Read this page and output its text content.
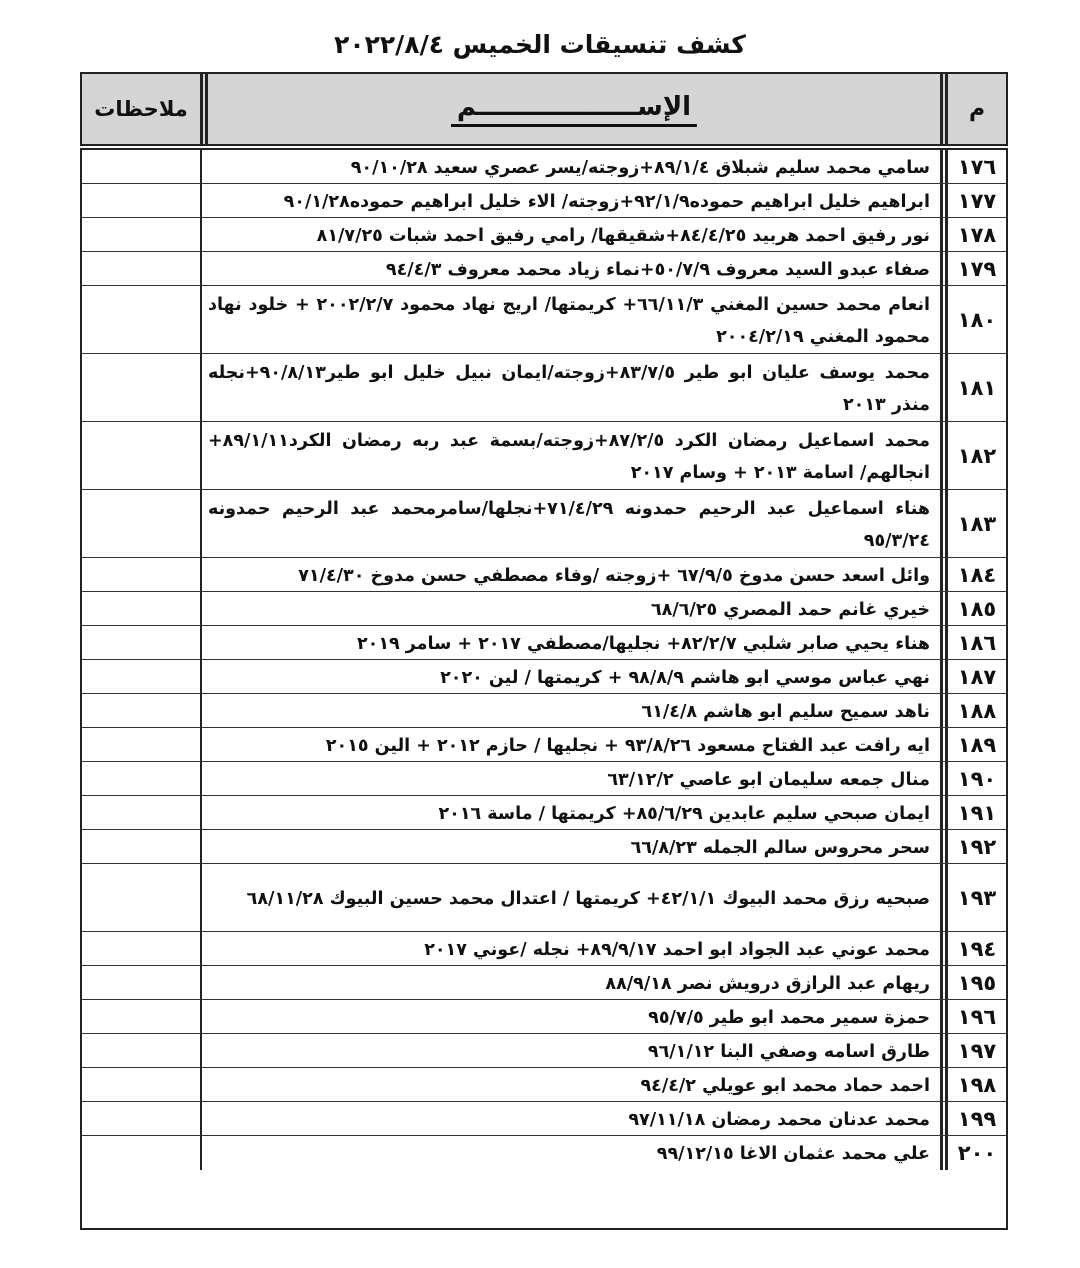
كشف تنسيقات الخميس ٢٠٢٢/٨/٤
م
الإســــــــــــــــــم
ملاحظات
١٧٦
سامي محمد سليم شبلاق ٨٩/١/٤+زوجته/يسر عصري سعيد ٩٠/١٠/٢٨
١٧٧
ابراهيم خليل ابراهيم حموده٩٢/١/٩+زوجته/ الاء خليل ابراهيم حموده٩٠/١/٢٨
١٧٨
نور رفيق احمد هربيد ٨٤/٤/٢٥+شقيقها/ رامي رفيق احمد شبات ٨١/٧/٢٥
١٧٩
صفاء عبدو السيد معروف ٥٠/٧/٩+نماء زياد محمد معروف ٩٤/٤/٣
١٨٠
انعام محمد حسين المغني ٦٦/١١/٣+ كريمتها/ اريج نهاد محمود ٢٠٠٢/٢/٧ + خلود نهاد محمود المغني ٢٠٠٤/٢/١٩
١٨١
محمد يوسف عليان ابو طير ٨٣/٧/٥+زوجته/ايمان نبيل خليل ابو طير٩٠/٨/١٣+نجله منذر ٢٠١٣
١٨٢
محمد اسماعيل رمضان الكرد ٨٧/٢/٥+زوجته/بسمة عبد ربه رمضان الكرد٨٩/١/١١+ انجالهم/ اسامة ٢٠١٣ + وسام ٢٠١٧
١٨٣
هناء اسماعيل عبد الرحيم حمدونه ٧١/٤/٢٩+نجلها/سامرمحمد عبد الرحيم حمدونه ٩٥/٣/٢٤
١٨٤
وائل اسعد حسن مدوخ ٦٧/٩/٥ +زوجته /وفاء مصطفي حسن مدوخ ٧١/٤/٣٠
١٨٥
خيري غانم حمد المصري ٦٨/٦/٢٥
١٨٦
هناء يحيي صابر شلبي ٨٢/٢/٧+ نجليها/مصطفي ٢٠١٧ + سامر ٢٠١٩
١٨٧
نهي عباس موسي ابو هاشم ٩٨/٨/٩ + كريمتها / لين ٢٠٢٠
١٨٨
ناهد سميح سليم ابو هاشم ٦١/٤/٨
١٨٩
ايه رافت عبد الفتاح مسعود ٩٣/٨/٢٦ + نجليها / حازم ٢٠١٢ + الين ٢٠١٥
١٩٠
منال جمعه سليمان ابو عاصي ٦٣/١٢/٢
١٩١
ايمان صبحي سليم عابدين ٨٥/٦/٢٩+ كريمتها / ماسة ٢٠١٦
١٩٢
سحر محروس سالم الجمله ٦٦/٨/٢٣
١٩٣
صبحيه رزق محمد البيوك ٤٢/١/١+ كريمتها / اعتدال محمد حسين البيوك ٦٨/١١/٢٨
١٩٤
محمد عوني عبد الجواد ابو احمد ٨٩/٩/١٧+ نجله /عوني ٢٠١٧
١٩٥
ريهام عبد الرازق درويش نصر ٨٨/٩/١٨
١٩٦
حمزة سمير محمد ابو طير ٩٥/٧/٥
١٩٧
طارق اسامه وصفي البنا ٩٦/١/١٢
١٩٨
احمد حماد محمد ابو عويلي ٩٤/٤/٢
١٩٩
محمد عدنان محمد رمضان ٩٧/١١/١٨
٢٠٠
علي محمد عثمان الاغا ٩٩/١٢/١٥
